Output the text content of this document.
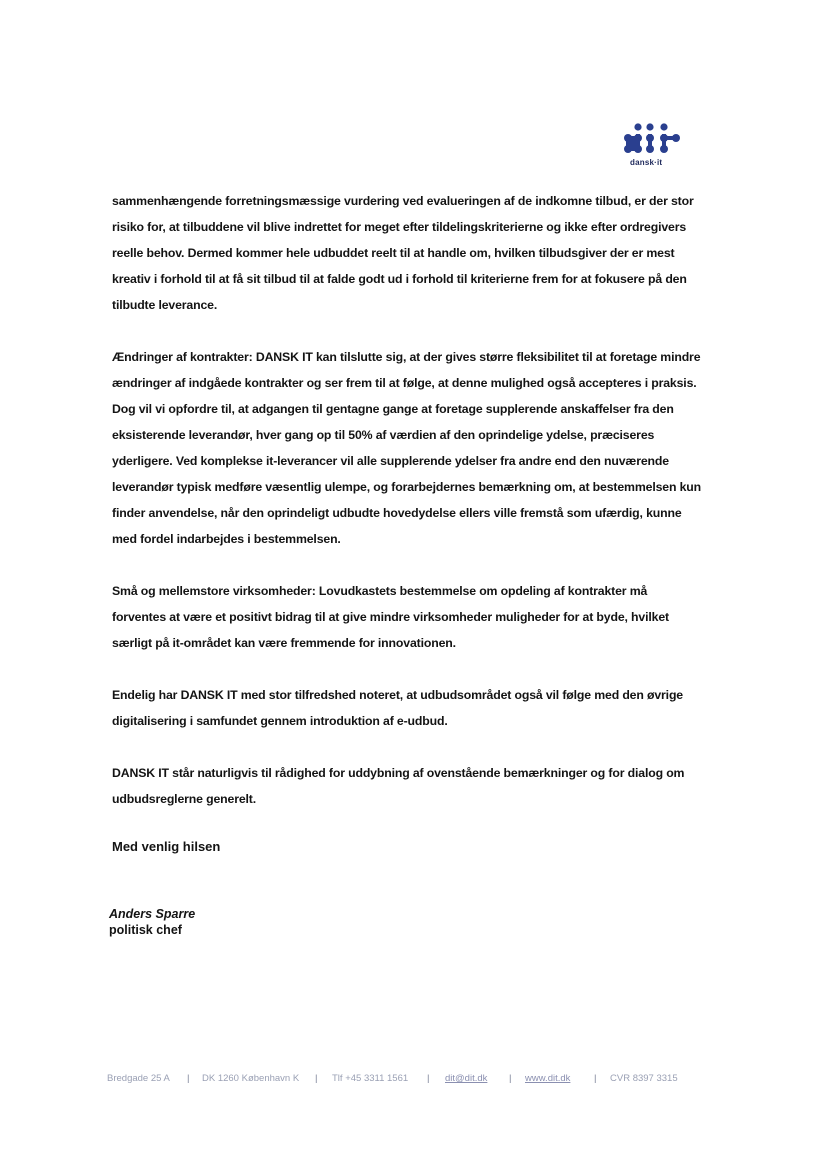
dansk·it

sammenhængende forretningsmæssige vurdering ved evalueringen af de indkomne tilbud, er der stor risiko for, at tilbuddene vil blive indrettet for meget efter tildelingskriterierne og ikke efter ordregivers reelle behov. Dermed kommer hele udbuddet reelt til at handle om, hvilken tilbudsgiver der er mest kreativ i forhold til at få sit tilbud til at falde godt ud i forhold til kriterierne frem for at fokusere på den tilbudte leverance.

Ændringer af kontrakter: DANSK IT kan tilslutte sig, at der gives større fleksibilitet til at foretage mindre ændringer af indgåede kontrakter og ser frem til at følge, at denne mulighed også accepteres i praksis. Dog vil vi opfordre til, at adgangen til gentagne gange at foretage supplerende anskaffelser fra den eksisterende leverandør, hver gang op til 50% af værdien af den oprindelige ydelse, præciseres yderligere. Ved komplekse it-leverancer vil alle supplerende ydelser fra andre end den nuværende leverandør typisk medføre væsentlig ulempe, og forarbejdernes bemærkning om, at bestemmelsen kun finder anvendelse, når den oprindeligt udbudte hovedydelse ellers ville fremstå som ufærdig, kunne med fordel indarbejdes i bestemmelsen.

Små og mellemstore virksomheder: Lovudkastets bestemmelse om opdeling af kontrakter må forventes at være et positivt bidrag til at give mindre virksomheder muligheder for at byde, hvilket særligt på it-området kan være fremmende for innovationen.

Endelig har DANSK IT med stor tilfredshed noteret, at udbudsområdet også vil følge med den øvrige digitalisering i samfundet gennem introduktion af e-udbud.

DANSK IT står naturligvis til rådighed for uddybning af ovenstående bemærkninger og for dialog om udbudsreglerne generelt.

Med venlig hilsen
Anders Sparre
politisk chef
Bredgade 25 A | DK 1260 København K | Tlf +45 3311 1561 | dit@dit.dk | www.dit.dk | CVR 8397 3315
